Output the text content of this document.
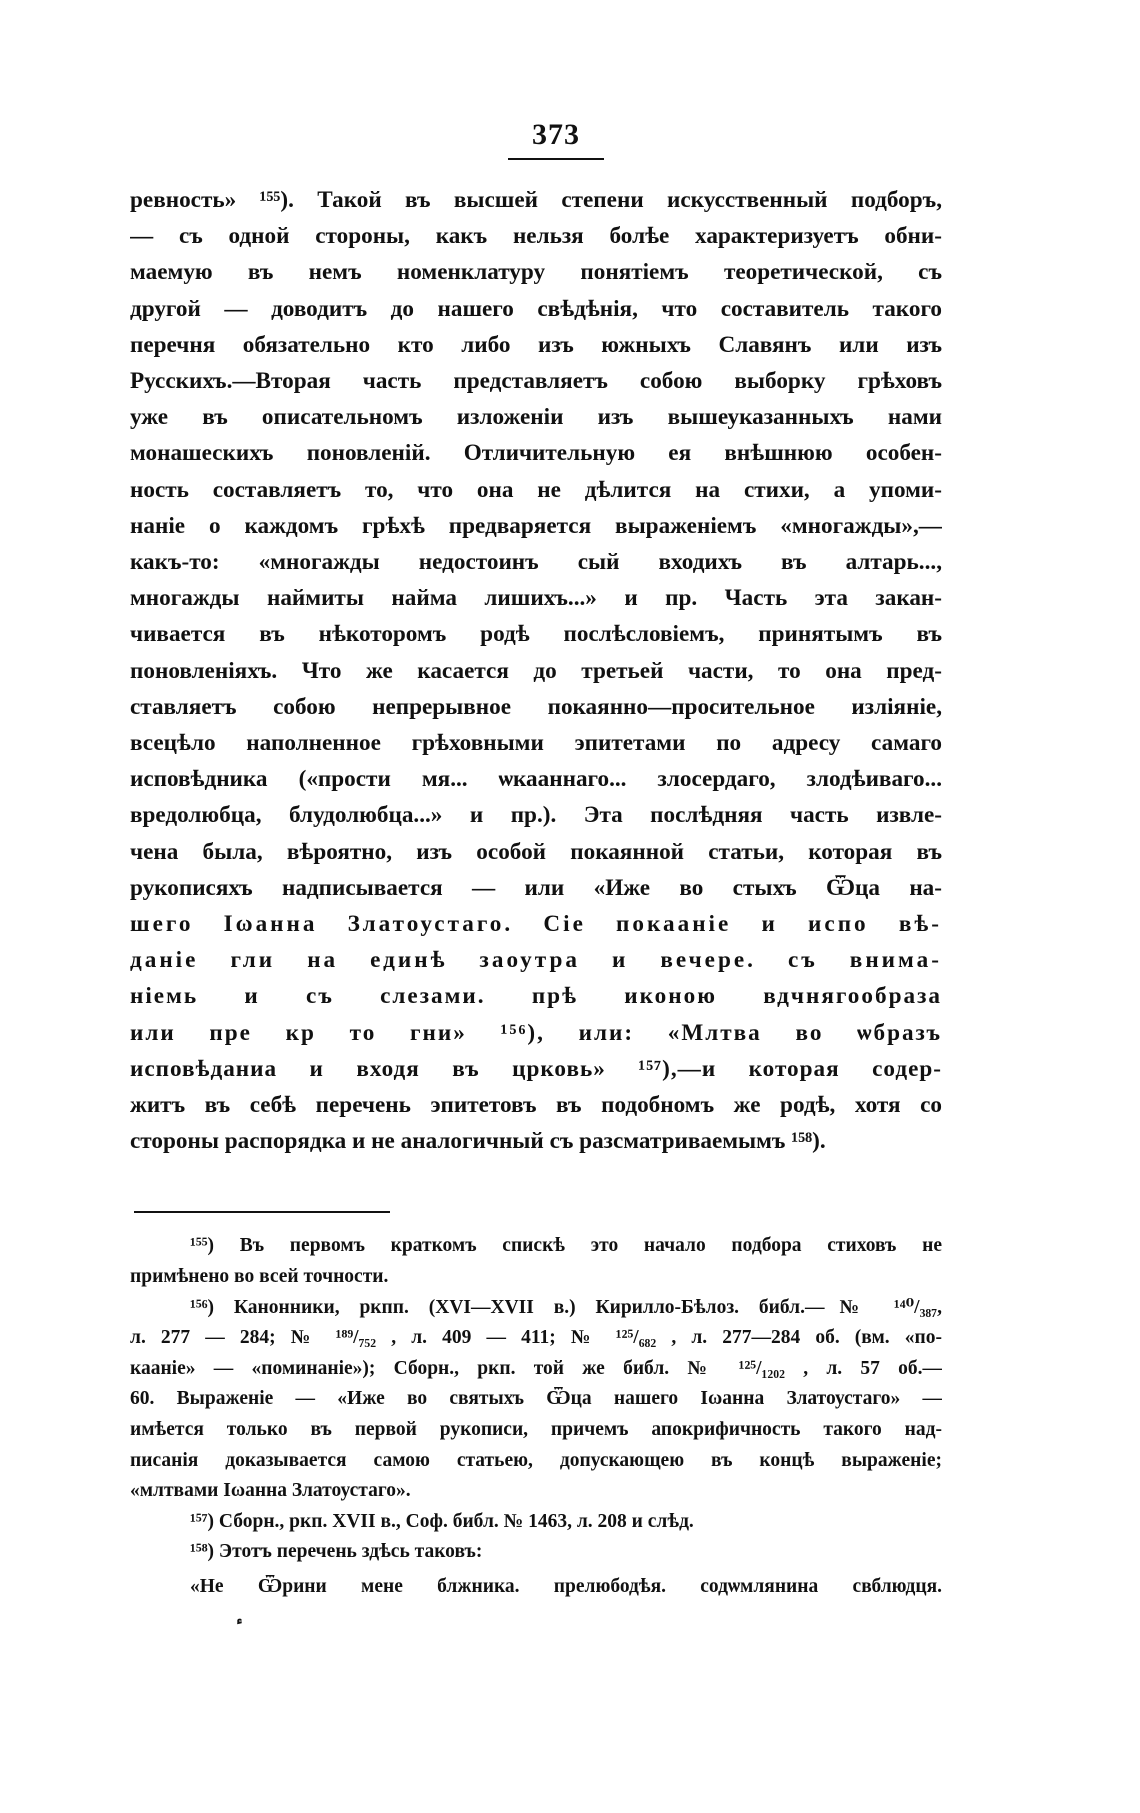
373
ревность» ¹⁵⁵). Такой въ высшей степени искусственный подборъ,
— съ одной стороны, какъ нельзя болѣе характеризуетъ обни-
маемую въ немъ номенклатуру понятіемъ теоретической, съ
другой — доводитъ до нашего свѣдѣнія, что составитель такого
перечня обязательно кто либо изъ южныхъ Славянъ или изъ
Русскихъ.—Вторая часть представляетъ собою выборку грѣховъ
уже въ описательномъ изложеніи изъ вышеуказанныхъ нами
монашескихъ поновленій. Отличительную ея внѣшнюю особен-
ность составляетъ то, что она не дѣлится на стихи, а упоми-
наніе о каждомъ грѣхѣ предваряется выраженіемъ «многажды»,—
какъ-то: «многажды недостоинъ сый входихъ въ алтарь...,
многажды наймиты найма лишихъ...» и пр. Часть эта закан-
чивается въ нѣкоторомъ родѣ послѣсловіемъ, принятымъ въ
поновленіяхъ. Что же касается до третьей части, то она пред-
ставляетъ собою непрерывное покаянно—просительное изліяніе,
всецѣло наполненное грѣховными эпитетами по адресу самаго
исповѣдника («прости мя... ѡкааннаго... злосердаго, злодѣиваго...
вредолюбца, блудолюбца...» и пр.). Эта послѣдняя часть извле-
чена была, вѣроятно, изъ особой покаянной статьи, которая въ
рукописяхъ надписывается — или «Иже во стыхъ Ѿца на-
шего Іωанна Златоустаго. Сіе покааніе и испо вѣ-
даніе гли на единѣ заоутра и вечере. съ внима-
ніемь и съ слезами. прѣ иконою вдчнягообраза
или пре кр то гни» ¹⁵⁶), или: «Млтва во ѡбразъ
исповѣданиа и входя въ црковь» ¹⁵⁷),—и которая содер-
житъ въ себѣ перечень эпитетовъ въ подобномъ же родѣ, хотя со
стороны распорядка и не аналогичный съ разсматриваемымъ ¹⁵⁸).
¹⁵⁵) Въ первомъ краткомъ спискѣ это начало подбора стиховъ не
примѣнено во всей точности.
¹⁵⁶) Канонники, ркпп. (XVI—XVII в.) Кирилло-Бѣлоз. библ.—№ ¹⁴⁰/₃₈₇,
л. 277 — 284; № ¹⁸⁹/₇₅₂ , л. 409 — 411; № ¹²⁵/₆₈₂ , л. 277—284 об. (вм. «по-
кааніе» — «поминаніе»); Сборн., ркп. той же библ. № ¹²⁵/₁₂₀₂ , л. 57 об.—
60. Выраженіе — «Иже во святыхъ Ѿца нашего Іωанна Златоустаго» —
имѣется только въ первой рукописи, причемъ апокрифичность такого над-
писанія доказывается самою статьею, допускающею въ концѣ выраженіе;
«млтвами Іωанна Златоустаго».
¹⁵⁷) Сборн., ркп. XVII в., Соф. библ. № 1463, л. 208 и слѣд.
¹⁵⁸) Этотъ перечень здѣсь таковъ:
«Не Ѿрини мене блжника. прелюбодѣя. содѡмлянина свблюдця.
